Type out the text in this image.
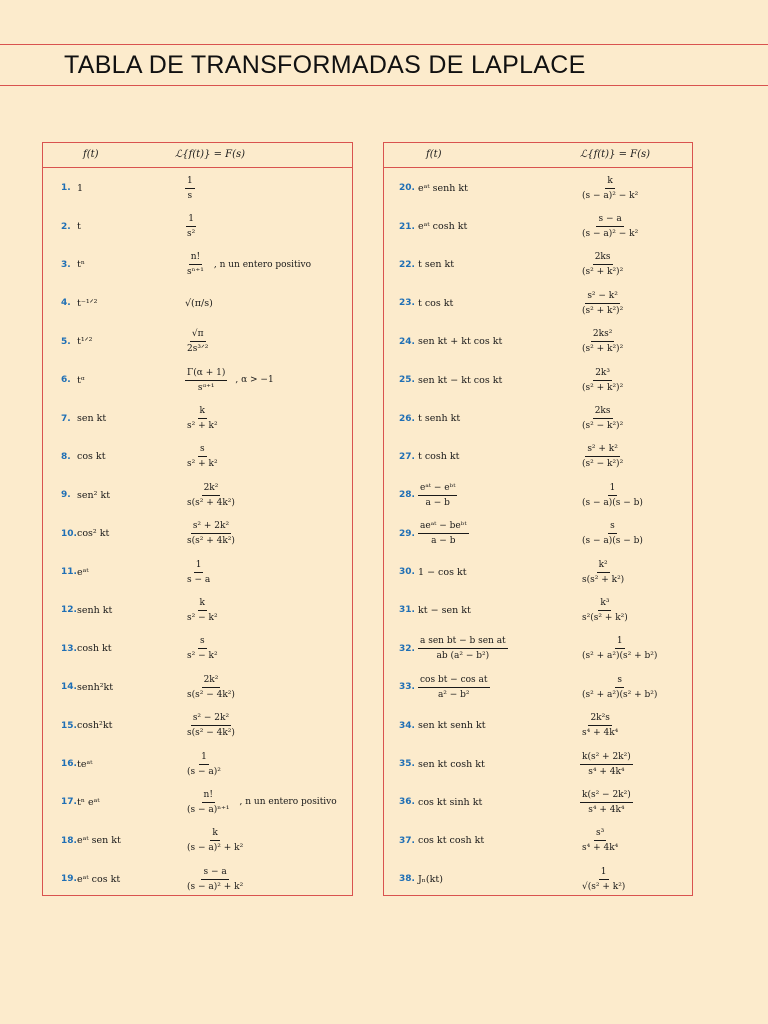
TABLA DE TRANSFORMADAS DE LAPLACE
f(t)	ℒ{f(t)} = F(s)
1. 1	$\frac{1}{s}$
2. t	$\frac{1}{\text{s²}}$
3. tⁿ	$\frac{n!}{\text{sⁿ⁺¹}}$ , n un entero positivo
4. t⁻¹ᐟ²	√(π/s)
5. t¹ᐟ²	$\frac{√\pi}{\text{2s³ᐟ²}}$
6. tᵅ	$\frac{\Gamma(\alpha + 1)}{\text{sᵅ⁺¹}}$ , α > −1
7. sen kt	$\frac{k}{\text{s² + k²}}$
8. cos kt	$\frac{s}{\text{s² + k²}}$
9. sen² kt	$\frac{\text{2k²}}{\text{s(s² + 4k²)}}$
10. cos² kt	$\frac{\text{s² + 2k²}}{\text{s(s² + 4k²)}}$
11. eᵃᵗ	$\frac{1}{s - a}$
12. senh kt	$\frac{k}{\text{s² − k²}}$
13. cosh kt	$\frac{s}{\text{s² − k²}}$
14. senh²kt	$\frac{\text{2k²}}{\text{s(s² − 4k²)}}$
15. cosh²kt	$\frac{\text{s² − 2k²}}{\text{s(s² − 4k²)}}$
16. teᵃᵗ	$\frac{1}{\text{(s − a)²}}$
17. tⁿ eᵃᵗ	$\frac{n!}{\text{(s − a)ⁿ⁺¹}}$ , n un entero positivo
18. eᵃᵗ sen kt	$\frac{k}{\text{(s − a)² + k²}}$
19. eᵃᵗ cos kt	$\frac{s - a}{\text{(s − a)² + k²}}$
f(t)	ℒ{f(t)} = F(s)
20. eᵃᵗ senh kt	$\frac{k}{\text{(s − a)² − k²}}$
21. eᵃᵗ cosh kt	$\frac{s - a}{\text{(s − a)² − k²}}$
22. t sen kt	$\frac{2ks}{\text{(s² + k²)²}}$
23. t cos kt	$\frac{\text{s² − k²}}{\text{(s² + k²)²}}$
24. sen kt + kt cos kt	$\frac{\text{2ks²}}{\text{(s² + k²)²}}$
25. sen kt − kt cos kt	$\frac{\text{2k³}}{\text{(s² + k²)²}}$
26. t senh kt	$\frac{2ks}{\text{(s² − k²)²}}$
27. t cosh kt	$\frac{\text{s² + k²}}{\text{(s² − k²)²}}$
28. $\frac{\text{eᵃᵗ − eᵇᵗ}}{a - b}$	$\frac{1}{(s - a)(s - b)}$
29. $\frac{\text{aeᵃᵗ − beᵇᵗ}}{a - b}$	$\frac{s}{(s - a)(s - b)}$
30. 1 − cos kt	$\frac{\text{k²}}{\text{s(s² + k²)}}$
31. kt − sen kt	$\frac{\text{k³}}{\text{s²(s² + k²)}}$
32. $\frac{\text{a sen bt − b sen at}}{\text{ab (a² − b²)}}$	$\frac{1}{\text{(s² + a²)(s² + b²)}}$
33. $\frac{\text{cos bt − cos at}}{\text{a² − b²}}$	$\frac{s}{\text{(s² + a²)(s² + b²)}}$
34. sen kt senh kt	$\frac{\text{2k²s}}{\text{s⁴ + 4k⁴}}$
35. sen kt cosh kt	$\frac{\text{k(s² + 2k²)}}{\text{s⁴ + 4k⁴}}$
36. cos kt sinh kt	$\frac{\text{k(s² − 2k²)}}{\text{s⁴ + 4k⁴}}$
37. cos kt cosh kt	$\frac{\text{s³}}{\text{s⁴ + 4k⁴}}$
38. Jₙ(kt)	$\frac{1}{\text{√(s² + k²)}}$
